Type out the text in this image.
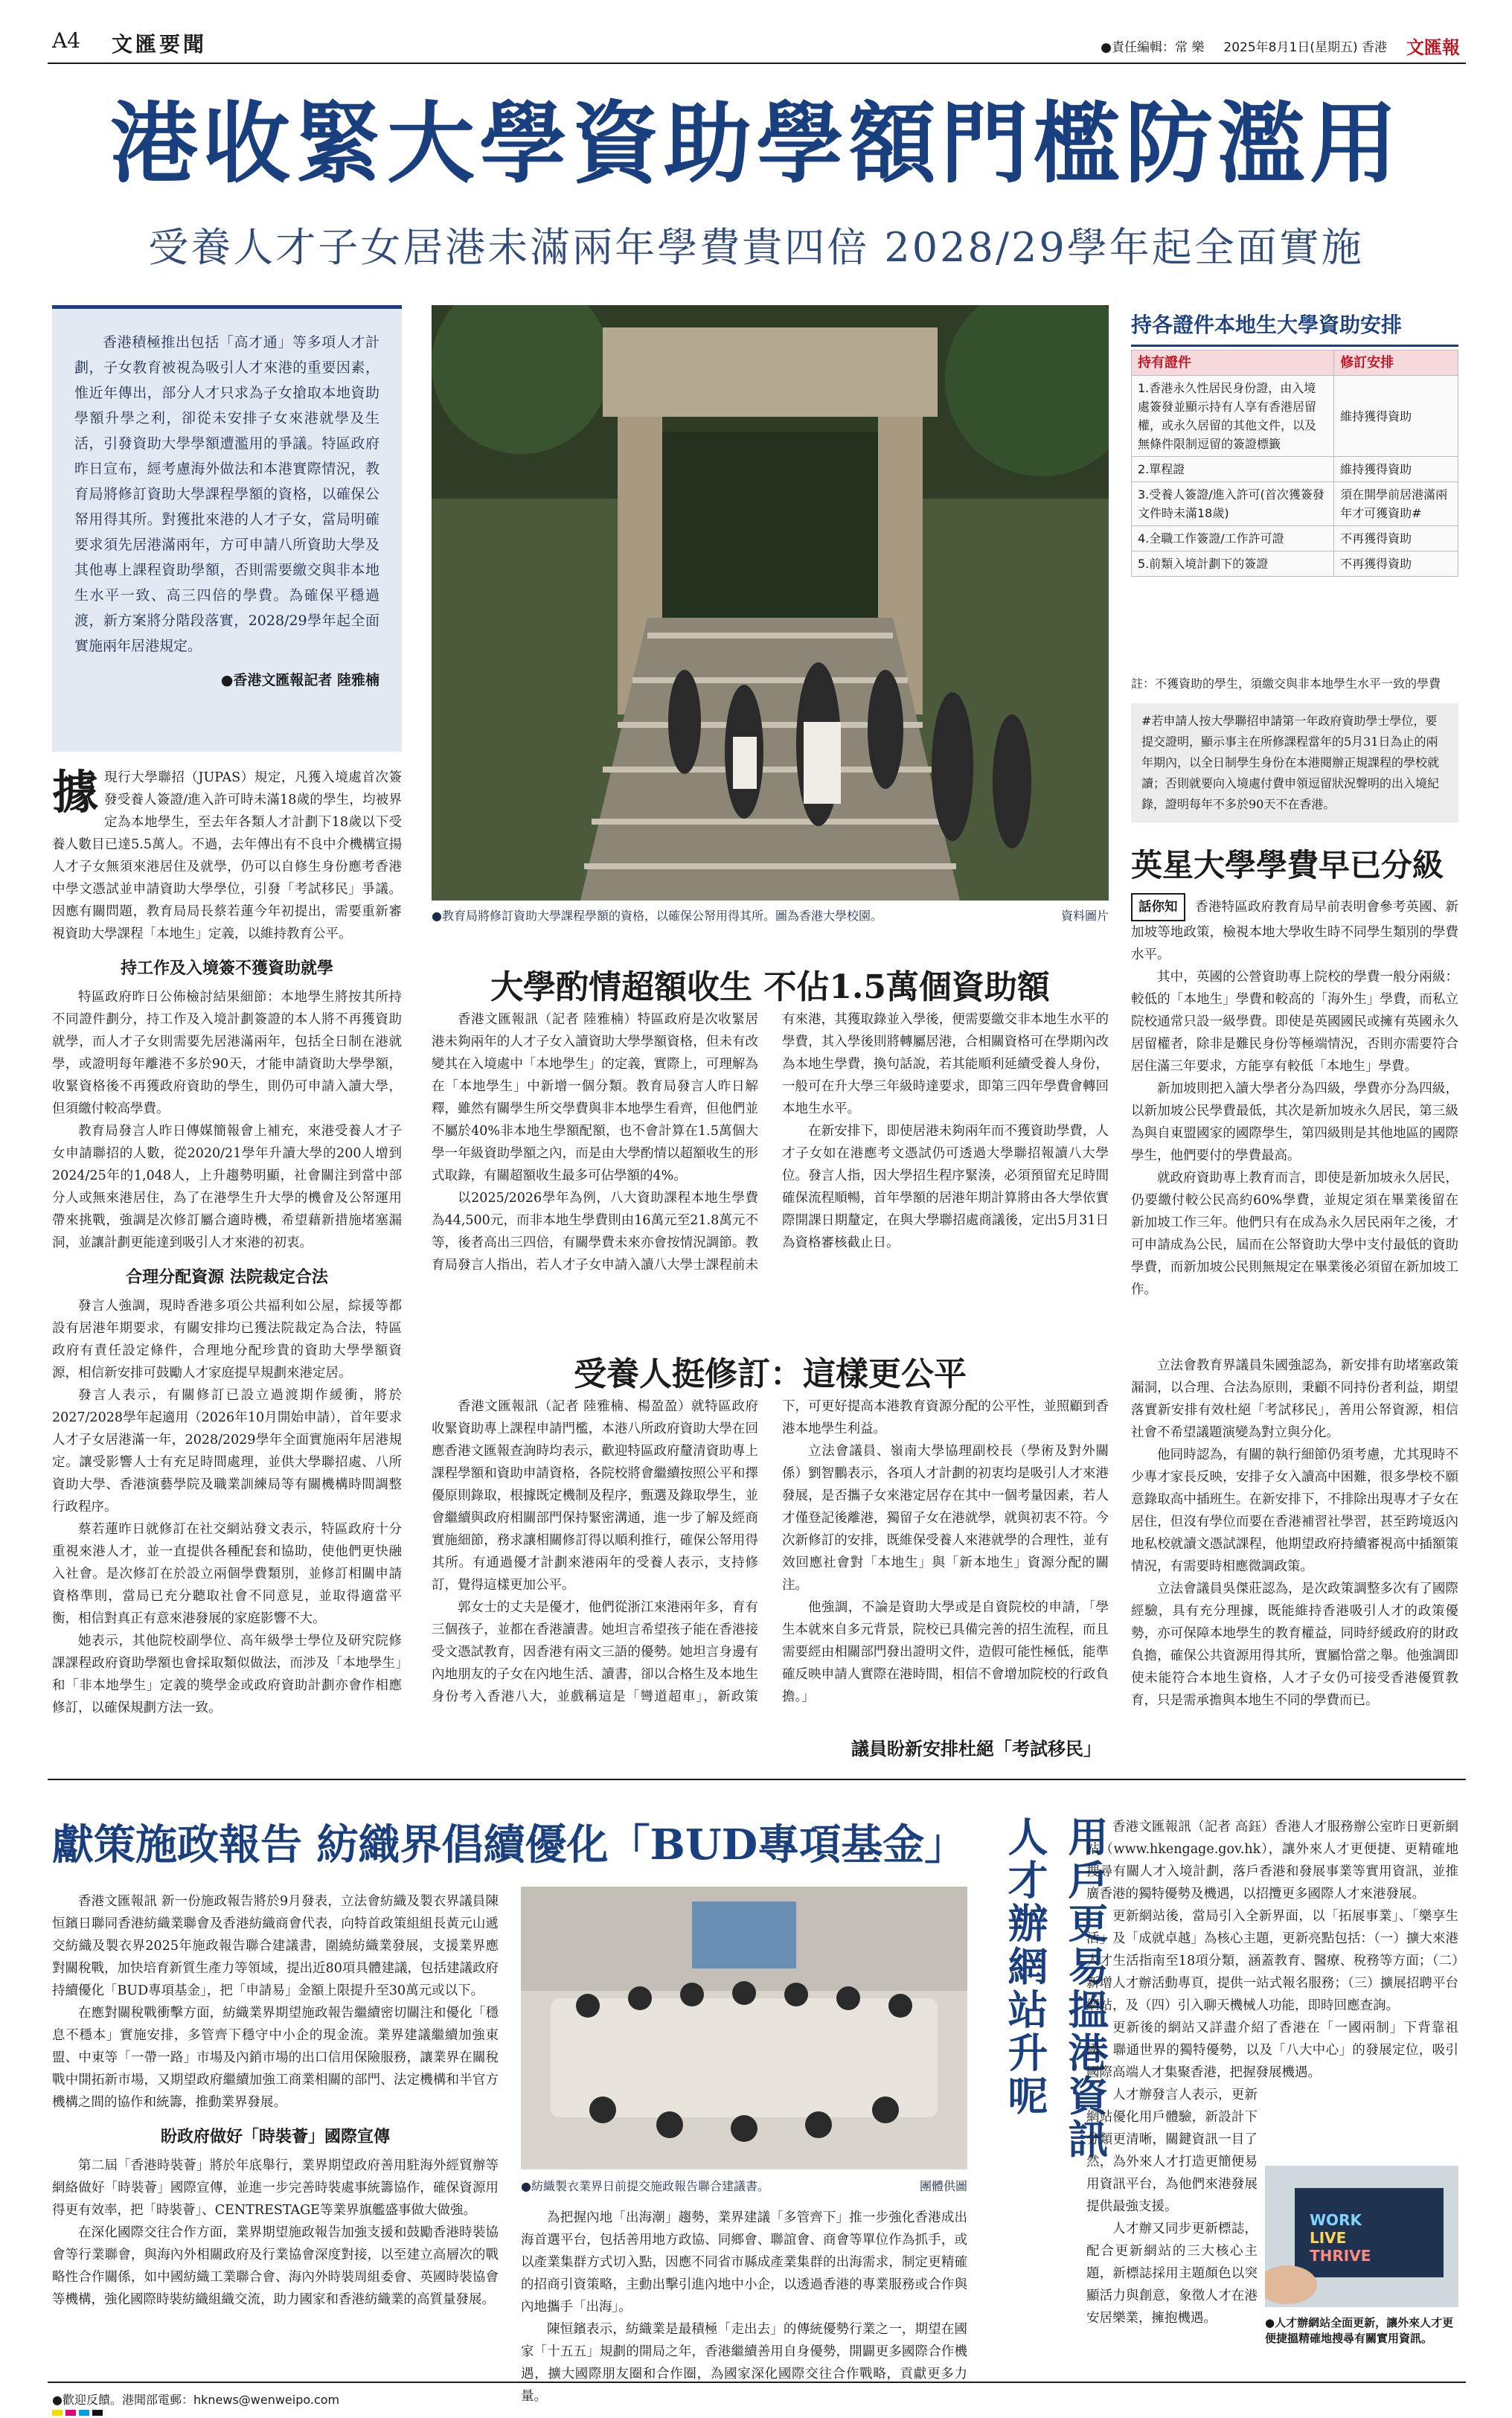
A4 文匯要聞	●責任編輯：常 樂 2025年8月1日(星期五) 香港 文匯報
港收緊大學資助學額門檻防濫用
受養人才子女居港未滿兩年學費貴四倍 2028/29學年起全面實施
香港積極推出包括「高才通」等多項人才計劃，子女教育被視為吸引人才來港的重要因素，惟近年傳出，部分人才只求為子女搶取本地資助學額升學之利，卻從未安排子女來港就學及生活，引發資助大學學額遭濫用的爭議。特區政府昨日宣布，經考慮海外做法和本港實際情況，教育局將修訂資助大學課程學額的資格，以確保公帑用得其所。對獲批來港的人才子女，當局明確要求須先居港滿兩年，方可申請八所資助大學及其他專上課程資助學額，否則需要繳交與非本地生水平一致、高三四倍的學費。為確保平穩過渡，新方案將分階段落實，2028/29學年起全面實施兩年居港規定。
●香港文匯報記者 陸雅楠
●教育局將修訂資助大學課程學額的資格，以確保公帑用得其所。圖為香港大學校園。	資料圖片
持各證件本地生大學資助安排
持有證件	修訂安排
1.香港永久性居民身份證，由入境處簽發並顯示持有人享有香港居留權，或永久居留的其他文件，以及無條件限制逗留的簽證標籤	維持獲得資助
2.單程證	維持獲得資助
3.受養人簽證/進入許可(首次獲簽發文件時未滿18歲)	須在開學前居港滿兩年才可獲資助#
4.全職工作簽證/工作許可證	不再獲得資助
5.前類入境計劃下的簽證	不再獲得資助
註：不獲資助的學生，須繳交與非本地學生水平一致的學費
#若申請人按大學聯招申請第一年政府資助學士學位，要提交證明，顯示事主在所修課程當年的5月31日為止的兩年期內，以全日制學生身份在本港閱辦正規課程的學校就讀；否則就要向入境處付費申領逗留狀況聲明的出入境紀錄，證明每年不多於90天不在香港。
據 現行大學聯招（JUPAS）規定，凡獲入境處首次簽發受養人簽證/進入許可時未滿18歲的學生，均被界定為本地學生，至去年各類人才計劃下18歲以下受養人數目已達5.5萬人。不過，去年傳出有不良中介機構宣揚人才子女無須來港居住及就學，仍可以自修生身份應考香港中學文憑試並申請資助大學學位，引發「考試移民」爭議。因應有關問題，教育局局長蔡若蓮今年初提出，需要重新審視資助大學課程「本地生」定義，以維持教育公平。
持工作及入境簽不獲資助就學
特區政府昨日公佈檢討結果細節：本地學生將按其所持不同證件劃分，持工作及入境計劃簽證的本人將不再獲資助就學，而人才子女則需要先居港滿兩年，包括全日制在港就學，或證明每年離港不多於90天，才能申請資助大學學額，收緊資格後不再獲政府資助的學生，則仍可申請入讀大學，但須繳付較高學費。
教育局發言人昨日傳媒簡報會上補充，來港受養人才子女申請聯招的人數，從2020/21學年升讀大學的200人增到2024/25年的1,048人，上升趨勢明顯，社會關注到當中部分人或無來港居住，為了在港學生升大學的機會及公帑運用帶來挑戰，強調是次修訂屬合適時機，希望藉新措施堵塞漏洞，並讓計劃更能達到吸引人才來港的初衷。
合理分配資源 法院裁定合法
發言人強調，現時香港多項公共福利如公屋，綜援等都設有居港年期要求，有關安排均已獲法院裁定為合法，特區政府有責任設定條件，合理地分配珍貴的資助大學學額資源，相信新安排可鼓勵人才家庭提早規劃來港定居。
發言人表示，有關修訂已設立過渡期作緩衝，將於2027/2028學年起適用（2026年10月開始申請），首年要求人才子女居港滿一年，2028/2029學年全面實施兩年居港規定。讓受影響人士有充足時間處理，並供大學聯招處、八所資助大學、香港演藝學院及職業訓練局等有關機構時間調整行政程序。
蔡若蓮昨日就修訂在社交網站發文表示，特區政府十分重視來港人才，並一直提供各種配套和協助，使他們更快融入社會。是次修訂在於設立兩個學費類別，並修訂相關申請資格準則，當局已充分聽取社會不同意見，並取得適當平衡，相信對真正有意來港發展的家庭影響不大。
她表示，其他院校副學位、高年級學士學位及研究院修課課程政府資助學額也會採取類似做法，而涉及「本地學生」和「非本地學生」定義的獎學金或政府資助計劃亦會作相應修訂，以確保規劃方法一致。
大學酌情超額收生 不佔1.5萬個資助額
香港文匯報訊（記者 陸雅楠）特區政府是次收緊居港未夠兩年的人才子女入讀資助大學學額資格，但未有改變其在入境處中「本地學生」的定義，實際上，可理解為在「本地學生」中新增一個分類。教育局發言人昨日解釋，雖然有關學生所交學費與非本地學生看齊，但他們並不屬於40%非本地生學額配額，也不會計算在1.5萬個大學一年級資助學額之內，而是由大學酌情以超額收生的形式取錄，有關超額收生最多可佔學額的4%。
以2025/2026學年為例，八大資助課程本地生學費為44,500元，而非本地生學費則由16萬元至21.8萬元不等，後者高出三四倍，有關學費未來亦會按情況調節。教育局發言人指出，若人才子女申請入讀八大學士課程前未有來港，其獲取錄並入學後，便需要繳交非本地生水平的學費，其入學後則將轉屬居港，合相關資格可在學期內改為本地生學費，換句話說，若其能順利延續受養人身份，一般可在升大學三年級時達要求，即第三四年學費會轉回本地生水平。
在新安排下，即使居港未夠兩年而不獲資助學費，人才子女如在港應考文憑試仍可透過大學聯招報讀八大學位。發言人指，因大學招生程序緊湊，必須預留充足時間確保流程順暢，首年學額的居港年期計算將由各大學依實際開課日期釐定，在與大學聯招處商議後，定出5月31日為資格審核截止日。
受養人挺修訂：這樣更公平
香港文匯報訊（記者 陸雅楠、楊盈盈）就特區政府收緊資助專上課程申請門檻，本港八所政府資助大學在回應香港文匯報查詢時均表示，歡迎特區政府釐清資助專上課程學額和資助申請資格，各院校將會繼續按照公平和擇優原則錄取，根據既定機制及程序，甄選及錄取學生，並會繼續與政府相關部門保持緊密溝通，進一步了解及經商實施細節，務求讓相關修訂得以順利推行，確保公帑用得其所。有通過優才計劃來港兩年的受養人表示，支持修訂，覺得這樣更加公平。
郭女士的丈夫是優才，他們從浙江來港兩年多，育有三個孩子，並都在香港讀書。她坦言希望孩子能在香港接受文憑試教育，因香港有兩文三語的優勢。她坦言身邊有內地朋友的子女在內地生活、讀書，卻以合格生及本地生身份考入香港八大，並戲稱這是「彎道超車」，新政策下，可更好提高本港教育資源分配的公平性，並照顧到香港本地學生利益。
立法會議員、嶺南大學協理副校長（學術及對外關係）劉智鵬表示，各項人才計劃的初衷均是吸引人才來港發展，是否攜子女來港定居存在其中一個考量因素，若人才僅登記後離港，獨留子女在港就學，就與初衷不符。今次新修訂的安排，既維保受養人來港就學的合理性，並有效回應社會對「本地生」與「新本地生」資源分配的關注。
他強調，不論是資助大學或是自資院校的申請，「學生本就來自多元背景，院校已具備完善的招生流程，而且需要經由相關部門發出證明文件，造假可能性極低，能準確反映申請人實際在港時間，相信不會增加院校的行政負擔。」
議員盼新安排杜絕「考試移民」
英星大學學費早已分級
話你知 香港特區政府教育局早前表明會參考英國、新加坡等地政策，檢視本地大學收生時不同學生類別的學費水平。
其中，英國的公營資助專上院校的學費一般分兩級：較低的「本地生」學費和較高的「海外生」學費，而私立院校通常只設一級學費。即使是英國國民或擁有英國永久居留權者，除非是難民身份等極端情況，否則亦需要符合居住滿三年要求，方能享有較低「本地生」學費。
新加坡則把入讀大學者分為四級，學費亦分為四級，以新加坡公民學費最低，其次是新加坡永久居民，第三級為與自東盟國家的國際學生，第四級則是其他地區的國際學生，他們要付的學費最高。
就政府資助專上教育而言，即使是新加坡永久居民，仍要繳付較公民高約60%學費，並規定須在畢業後留在新加坡工作三年。他們只有在成為永久居民兩年之後，才可申請成為公民，屆而在公帑資助大學中支付最低的資助學費，而新加坡公民則無規定在畢業後必須留在新加坡工作。
立法會教育界議員朱國強認為，新安排有助堵塞政策漏洞，以合理、合法為原則，秉顧不同持份者利益，期望落實新安排有效杜絕「考試移民」，善用公帑資源，相信社會不希望議題演變為對立與分化。
他同時認為，有關的執行細節仍須考慮，尤其現時不少專才家長反映，安排子女入讀高中困難，很多學校不願意錄取高中插班生。在新安排下，不排除出現專才子女在居住，但沒有學位而要在香港補習社學習，甚至跨境返內地私校就讀文憑試課程，他期望政府持續審視高中插額策情況，有需要時相應微調政策。
立法會議員吳傑莊認為，是次政策調整多次有了國際經驗，具有充分理據，既能維持香港吸引人才的政策優勢，亦可保障本地學生的教育權益，同時紓緩政府的財政負擔，確保公共資源用得其所，實屬恰當之舉。他強調即使未能符合本地生資格，人才子女仍可接受香港優質教育，只是需承擔與本地生不同的學費而已。
獻策施政報告 紡織界倡續優化「BUD專項基金」
香港文匯報訊 新一份施政報告將於9月發表，立法會紡織及製衣界議員陳恒鑌日聯同香港紡織業聯會及香港紡織商會代表，向特首政策組組長黃元山遞交紡織及製衣界2025年施政報告聯合建議書，圍繞紡織業發展，支援業界應對關稅戰，加快培育新質生產力等領域，提出近80項具體建議，包括建議政府持續優化「BUD專項基金」，把「申請易」金額上限提升至30萬元或以下。
在應對關稅戰衝擊方面，紡織業界期望施政報告繼續密切關注和優化「穩息不穩本」實施安排，多管齊下穩守中小企的現金流。業界建議繼續加強東盟、中東等「一帶一路」市場及內銷市場的出口信用保險服務，讓業界在關稅戰中開拓新市場，又期望政府繼續加強工商業相關的部門、法定機構和半官方機構之間的協作和統籌，推動業界發展。
盼政府做好「時裝薈」國際宣傳
第二屆「香港時裝薈」將於年底舉行，業界期望政府善用駐海外經貿辦等網絡做好「時裝薈」國際宣傳，並進一步完善時裝處事統籌協作，確保資源用得更有效率，把「時裝薈」、CENTRESTAGE等業界旗艦盛事做大做強。
在深化國際交往合作方面，業界期望施政報告加強支援和鼓勵香港時裝協會等行業聯會，與海內外相關政府及行業協會深度對接，以至建立高層次的戰略性合作關係，如中國紡織工業聯合會、海內外時裝周組委會、英國時裝協會等機構，強化國際時裝紡織組織交流，助力國家和香港紡織業的高質量發展。
●紡織製衣業界日前提交施政報告聯合建議書。	團體供圖
為把握內地「出海潮」趨勢，業界建議「多管齊下」推一步強化香港成出海首選平台，包括善用地方政協、同鄉會、聯誼會、商會等單位作為抓手，或以產業集群方式切入點，因應不同省市縣成產業集群的出海需求，制定更精確的招商引資策略，主動出擊引進內地中小企，以透過香港的專業服務或合作與內地攜手「出海」。
陳恒鑌表示，紡織業是最積極「走出去」的傳統優勢行業之一，期望在國家「十五五」規劃的開局之年，香港繼續善用自身優勢，開闢更多國際合作機遇，擴大國際朋友圈和合作圈，為國家深化國際交往合作戰略，貢獻更多力量。
人才辦網站升呢 用戶更易搵港資訊 香港文匯報訊（記者 高鈺）香港人才服務辦公室昨日更新網站（www.hkengage.gov.hk），讓外來人才更便捷、更精確地搜尋有關人才入境計劃，落戶香港和發展事業等實用資訊，並推廣香港的獨特優勢及機遇，以招攬更多國際人才來港發展。
更新網站後，當局引入全新界面，以「拓展事業」、「樂享生活」及「成就卓越」為核心主題，更新亮點包括：（一）擴大來港人才生活指南至18項分類，涵蓋教育、醫療、稅務等方面；（二）新增人才辦活動專頁，提供一站式報名服務；（三）擴展招聘平台網站，及（四）引入聊天機械人功能，即時回應查詢。
更新後的網站又詳盡介紹了香港在「一國兩制」下背靠祖國、聯通世界的獨特優勢，以及「八大中心」的發展定位，吸引國際高端人才集聚香港，把握發展機遇。
人才辦發言人表示，更新網站優化用戶體驗，新設計下分類更清晰，關鍵資訊一目了然，為外來人才打造更簡便易用資訊平台，為他們來港發展提供最強支援。
人才辦又同步更新標誌，配合更新網站的三大核心主題，新標誌採用主題顏色以突顯活力與創意，象徵人才在港安居樂業，擁抱機遇。
WORK
LIVE
THRIVE
●人才辦網站全面更新，讓外來人才更便捷搵精確地搜尋有關實用資訊。
●歡迎反饋。港聞部電郵：hknews@wenweipo.com
